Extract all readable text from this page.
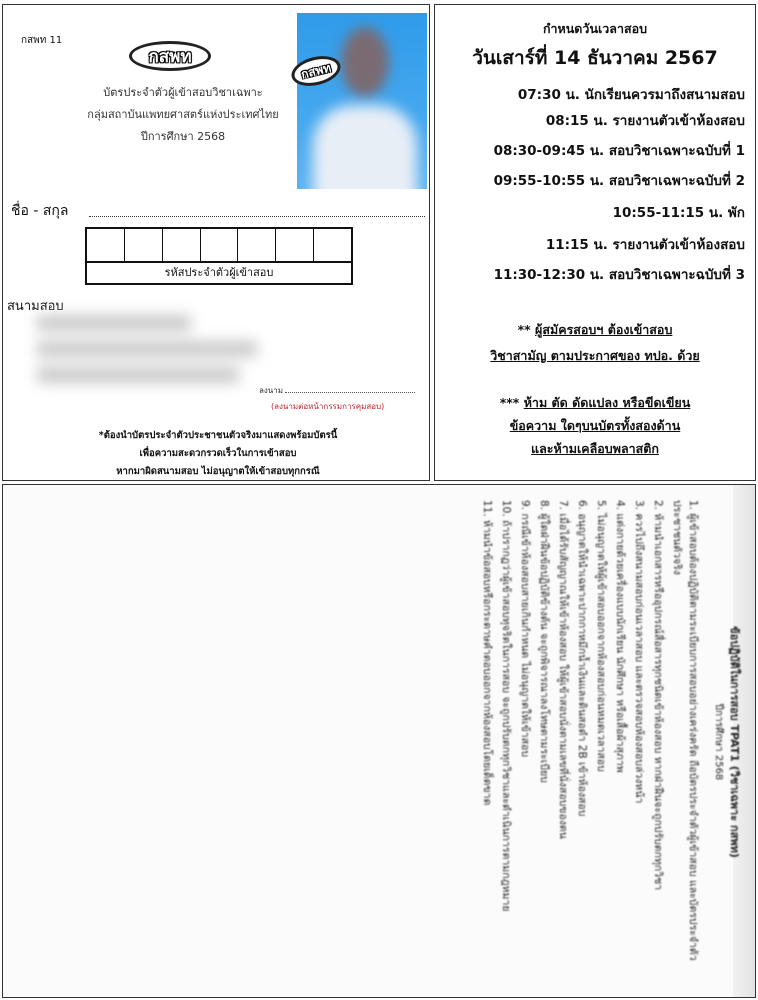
กสพท 11
กสพท
บัตรประจำตัวผู้เข้าสอบวิชาเฉพาะ
กลุ่มสถาบันแพทยศาสตร์แห่งประเทศไทย
ปีการศึกษา 2568
กสพท
ชื่อ - สกุล
รหัสประจำตัวผู้เข้าสอบ
สนามสอบ
ลงนาม
(ลงนามต่อหน้ากรรมการคุมสอบ)
*ต้องนำบัตรประจำตัวประชาชนตัวจริงมาแสดงพร้อมบัตรนี้
เพื่อความสะดวกรวดเร็วในการเข้าสอบ
หากมาผิดสนามสอบ ไม่อนุญาตให้เข้าสอบทุกกรณี
กำหนดวันเวลาสอบ
วันเสาร์ที่ 14 ธันวาคม 2567
07:30 น. นักเรียนควรมาถึงสนามสอบ
08:15 น. รายงานตัวเข้าห้องสอบ
08:30-09:45 น. สอบวิชาเฉพาะฉบับที่ 1
09:55-10:55 น. สอบวิชาเฉพาะฉบับที่ 2
10:55-11:15 น. พัก
11:15 น. รายงานตัวเข้าห้องสอบ
11:30-12:30 น. สอบวิชาเฉพาะฉบับที่ 3
** ผู้สมัครสอบฯ ต้องเข้าสอบ
วิชาสามัญ ตามประกาศของ ทปอ. ด้วย
*** ห้าม ตัด ดัดแปลง หรือขีดเขียน
ข้อความ ใดๆบนบัตรทั้งสองด้าน
และห้ามเคลือบพลาสติก
ข้อปฏิบัติในการสอบ TPAT1 (วิชาเฉพาะ กสพท)
ปีการศึกษา 2568
1. ผู้เข้าสอบต้องปฏิบัติตามระเบียบการสอบอย่างเคร่งครัด ถือบัตรประจำตัวผู้เข้าสอบ และบัตรประจำตัวประชาชนตัวจริง
2. ห้ามนำเอกสารหรืออุปกรณ์สื่อสารทุกชนิดเข้าห้องสอบ หากฝ่าฝืนจะถูกปรับตกทุกวิชา
3. ควรไปถึงสนามสอบก่อนเวลาสอบ และตรวจสอบห้องสอบล่วงหน้า
4. แต่งกายด้วยเครื่องแบบนักเรียน นักศึกษา หรือเสื้อผ้าสุภาพ
5. ไม่อนุญาตให้ผู้เข้าสอบออกจากห้องสอบก่อนหมดเวลาสอบ
6. อนุญาตให้นำเฉพาะปากกาหมึกน้ำเงินและดินสอดำ 2B เข้าห้องสอบ
7. เมื่อได้รับสัญญาณให้เข้าห้องสอบ ให้ผู้เข้าสอบนั่งตามเลขที่นั่งสอบของตน
8. ผู้ใดฝ่าฝืนข้อปฏิบัติข้างต้น จะถูกพิจารณาลงโทษตามระเบียบ
9. กรณีเข้าห้องสอบสายเกินกำหนด ไม่อนุญาตให้เข้าสอบ
10. ถ้าปรากฏว่าผู้เข้าสอบทุจริตในการสอบ จะถูกปรับตกทุกวิชาและดำเนินการตามกฎหมาย
11. ห้ามนำข้อสอบหรือกระดาษคำตอบออกจากห้องสอบโดยเด็ดขาด
